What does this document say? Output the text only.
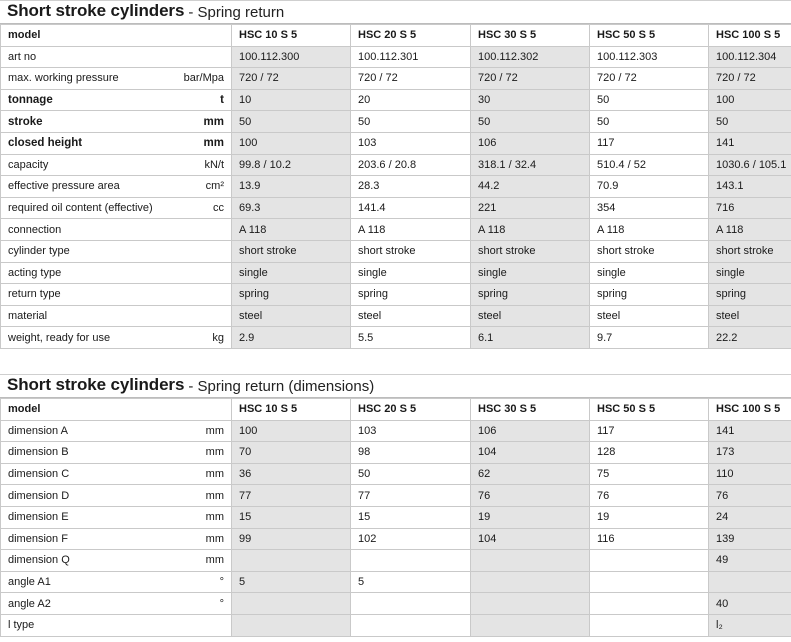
Short stroke cylinders - Spring return
model	HSC 10 S 5	HSC 20 S 5	HSC 30 S 5	HSC 50 S 5	HSC 100 S 5
art no	100.112.300	100.112.301	100.112.302	100.112.303	100.112.304
max. working pressure bar/Mpa	720 / 72	720 / 72	720 / 72	720 / 72	720 / 72
tonnage t	10	20	30	50	100
stroke mm	50	50	50	50	50
closed height mm	100	103	106	117	141
capacity kN/t	99.8 / 10.2	203.6 / 20.8	318.1 / 32.4	510.4 / 52	1030.6 / 105.1
effective pressure area cm²	13.9	28.3	44.2	70.9	143.1
required oil content (effective) cc	69.3	141.4	221	354	716
connection	A 118	A 118	A 118	A 118	A 118
cylinder type	short stroke	short stroke	short stroke	short stroke	short stroke
acting type	single	single	single	single	single
return type	spring	spring	spring	spring	spring
material	steel	steel	steel	steel	steel
weight, ready for use kg	2.9	5.5	6.1	9.7	22.2
Short stroke cylinders - Spring return (dimensions)
model	HSC 10 S 5	HSC 20 S 5	HSC 30 S 5	HSC 50 S 5	HSC 100 S 5
dimension A mm	100	103	106	117	141
dimension B mm	70	98	104	128	173
dimension C mm	36	50	62	75	110
dimension D mm	77	77	76	76	76
dimension E mm	15	15	19	19	24
dimension F mm	99	102	104	116	139
dimension Q mm					49
angle A1 °	5	5			
angle A2 °					40
l type					l₂
